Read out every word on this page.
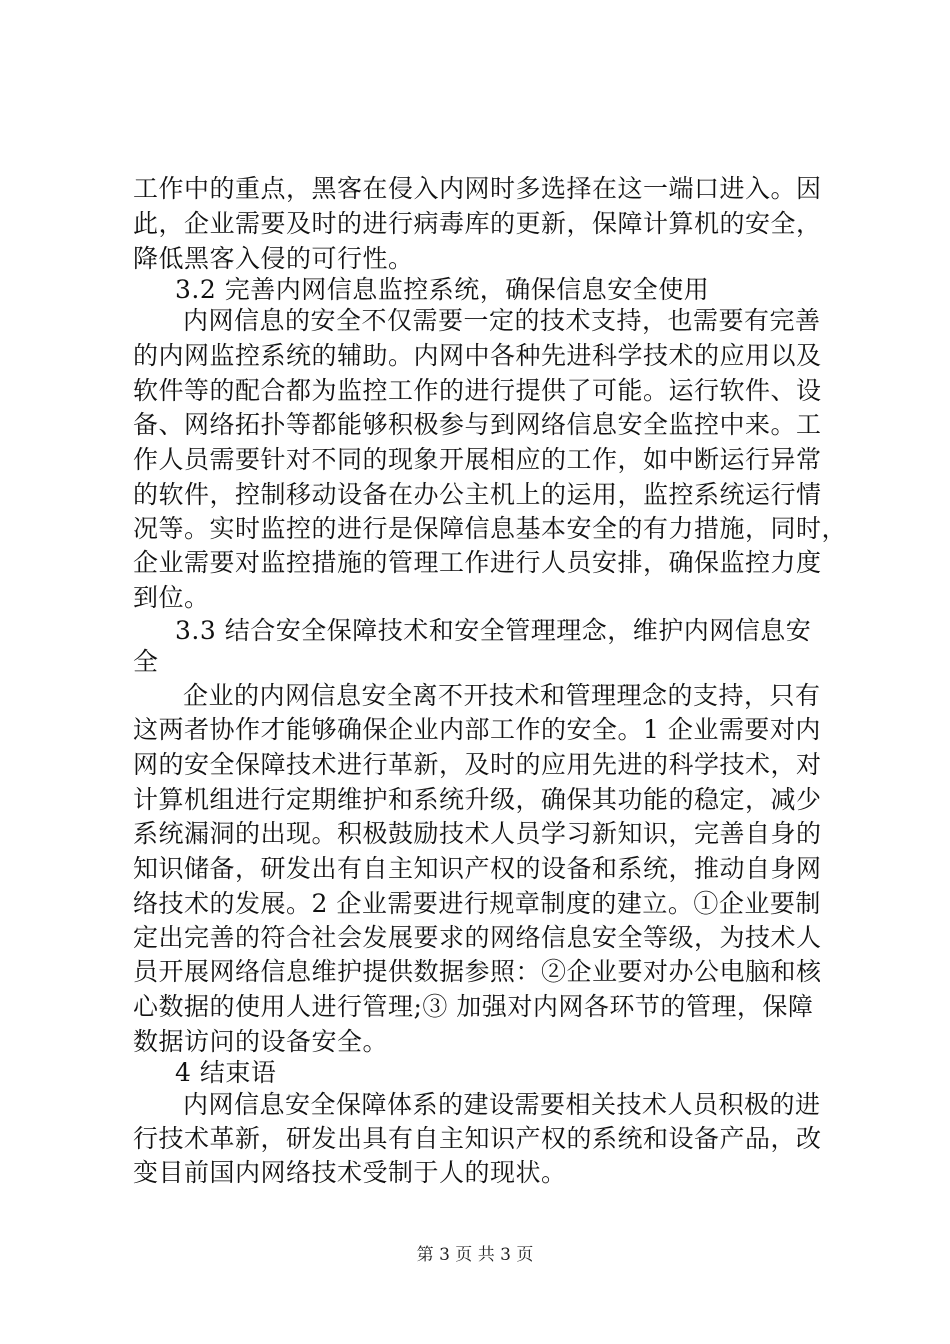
工作中的重点，黑客在侵入内网时多选择在这一端口进入。因
此，企业需要及时的进行病毒库的更新，保障计算机的安全，
降低黑客入侵的可行性。
3.2 完善内网信息监控系统，确保信息安全使用
内网信息的安全不仅需要一定的技术支持，也需要有完善
的内网监控系统的辅助。内网中各种先进科学技术的应用以及
软件等的配合都为监控工作的进行提供了可能。运行软件、设
备、网络拓扑等都能够积极参与到网络信息安全监控中来。工
作人员需要针对不同的现象开展相应的工作，如中断运行异常
的软件，控制移动设备在办公主机上的运用，监控系统运行情
况等。实时监控的进行是保障信息基本安全的有力措施，同时，
企业需要对监控措施的管理工作进行人员安排，确保监控力度
到位。
3.3 结合安全保障技术和安全管理理念，维护内网信息安
全
企业的内网信息安全离不开技术和管理理念的支持，只有
这两者协作才能够确保企业内部工作的安全。1 企业需要对内
网的安全保障技术进行革新，及时的应用先进的科学技术，对
计算机组进行定期维护和系统升级，确保其功能的稳定，减少
系统漏洞的出现。积极鼓励技术人员学习新知识，完善自身的
知识储备，研发出有自主知识产权的设备和系统，推动自身网
络技术的发展。2 企业需要进行规章制度的建立。①企业要制
定出完善的符合社会发展要求的网络信息安全等级，为技术人
员开展网络信息维护提供数据参照：②企业要对办公电脑和核
心数据的使用人进行管理;③ 加强对内网各环节的管理，保障
数据访问的设备安全。
4 结束语
内网信息安全保障体系的建设需要相关技术人员积极的进
行技术革新，研发出具有自主知识产权的系统和设备产品，改
变目前国内网络技术受制于人的现状。
第 3 页 共 3 页
